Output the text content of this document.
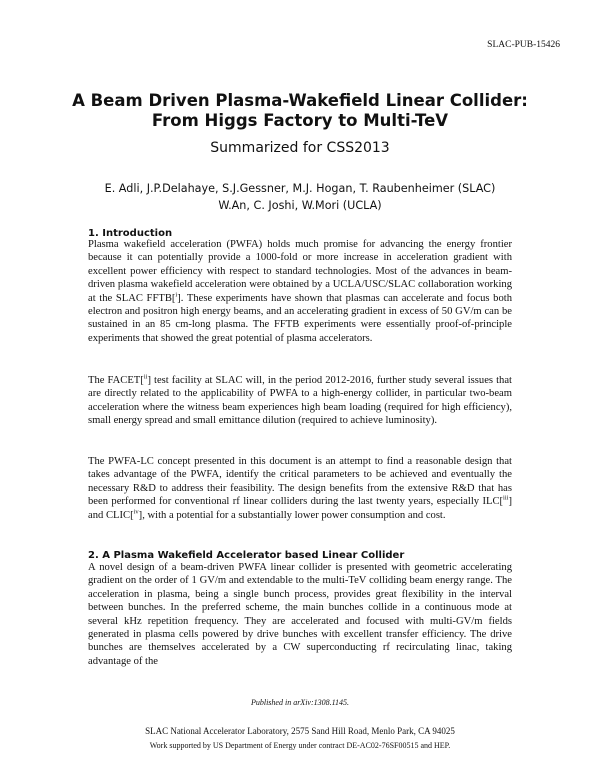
SLAC-PUB-15426
A Beam Driven Plasma-Wakefield Linear Collider:
From Higgs Factory to Multi-TeV
Summarized for CSS2013
E. Adli, J.P.Delahaye, S.J.Gessner, M.J. Hogan, T. Raubenheimer (SLAC)
W.An, C. Joshi, W.Mori (UCLA)
1. Introduction

Plasma wakefield acceleration (PWFA) holds much promise for advancing the energy frontier because it can potentially provide a 1000-fold or more increase in acceleration gradient with excellent power efficiency with respect to standard technologies. Most of the advances in beam-driven plasma wakefield acceleration were obtained by a UCLA/USC/SLAC collaboration working at the SLAC FFTB[$^i$]. These experiments have shown that plasmas can accelerate and focus both electron and positron high energy beams, and an accelerating gradient in excess of 50 GV/m can be sustained in an 85 cm-long plasma. The FFTB experiments were essentially proof-of-principle experiments that showed the great potential of plasma accelerators.

The FACET[$^{ii}$] test facility at SLAC will, in the period 2012-2016, further study several issues that are directly related to the applicability of PWFA to a high-energy collider, in particular two-beam acceleration where the witness beam experiences high beam loading (required for high efficiency), small energy spread and small emittance dilution (required to achieve luminosity).

The PWFA-LC concept presented in this document is an attempt to find a reasonable design that takes advantage of the PWFA, identify the critical parameters to be achieved and eventually the necessary R&D to address their feasibility. The design benefits from the extensive R&D that has been performed for conventional rf linear colliders during the last twenty years, especially ILC[$^{iii}$] and CLIC[$^{iv}$], with a potential for a substantially lower power consumption and cost.

2. A Plasma Wakefield Accelerator based Linear Collider

A novel design of a beam-driven PWFA linear collider is presented with geometric accelerating gradient on the order of 1 GV/m and extendable to the multi-TeV colliding beam energy range. The acceleration in plasma, being a single bunch process, provides great flexibility in the interval between bunches. In the preferred scheme, the main bunches collide in a continuous mode at several kHz repetition frequency. They are accelerated and focused with multi-GV/m fields generated in plasma cells powered by drive bunches with excellent transfer efficiency. The drive bunches are themselves accelerated by a CW superconducting rf recirculating linac, taking advantage of the

Published in arXiv:1308.1145.
SLAC National Accelerator Laboratory, 2575 Sand Hill Road, Menlo Park, CA 94025
Work supported by US Department of Energy under contract DE-AC02-76SF00515 and HEP.
